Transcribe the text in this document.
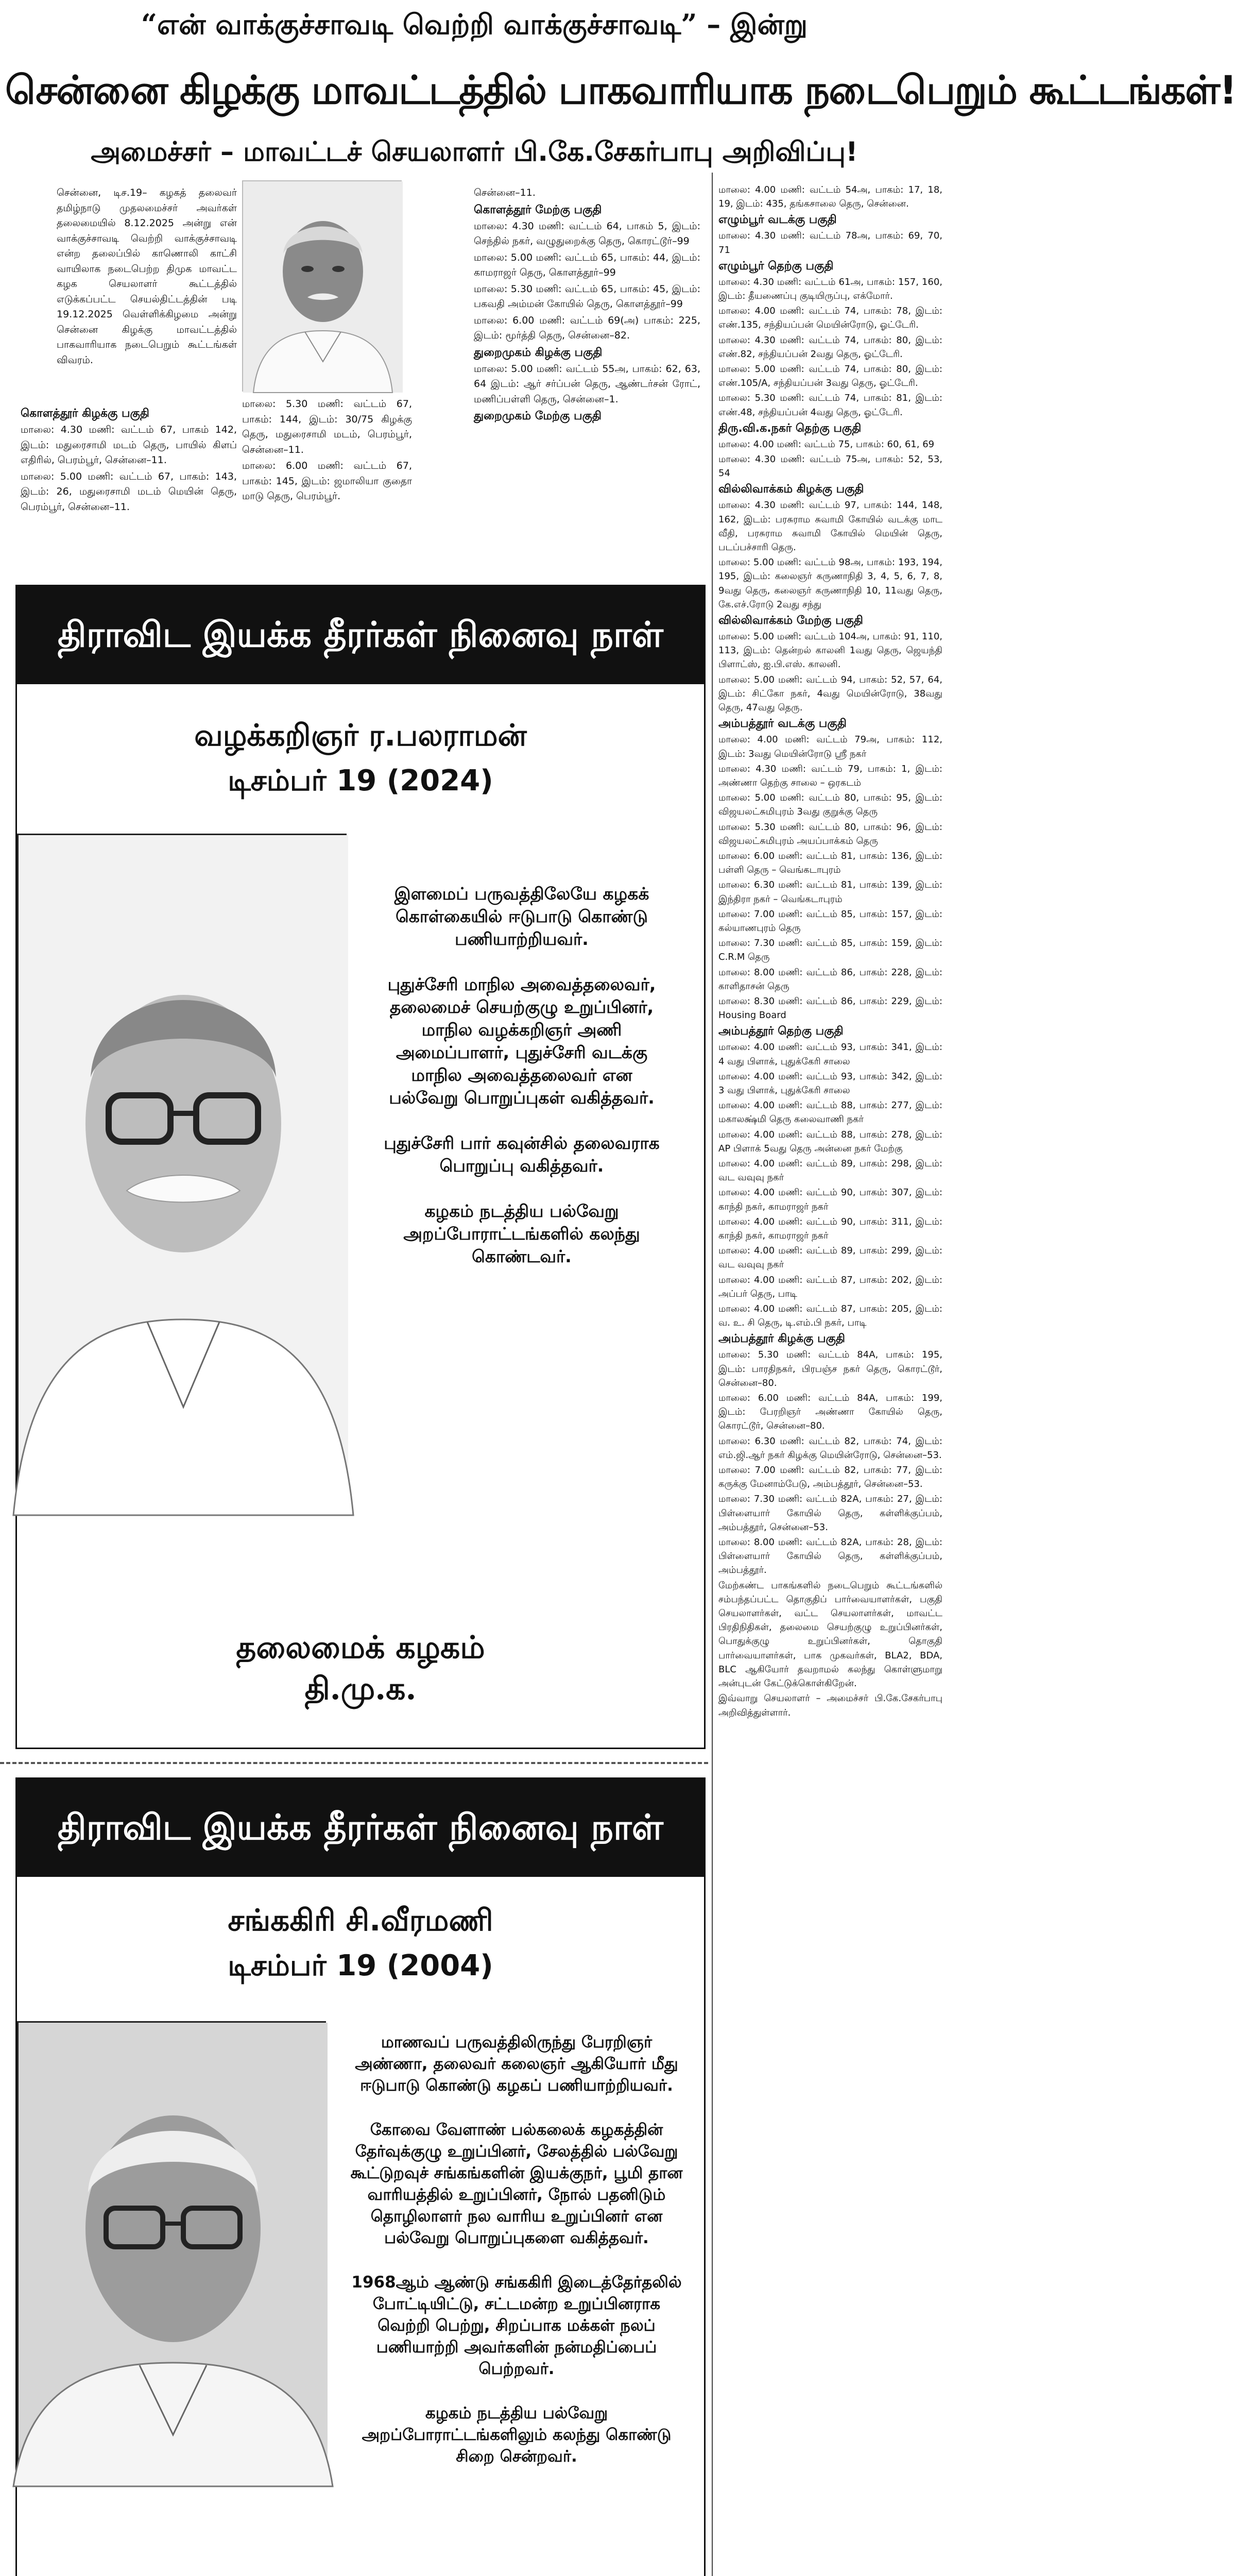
“என் வாக்குச்சாவடி வெற்றி வாக்குச்சாவடி” – இன்று
சென்னை கிழக்கு மாவட்டத்தில் பாகவாரியாக நடைபெறும் கூட்டங்கள்!
அமைச்சர் – மாவட்டச் செயலாளர் பி.கே.சேகர்பாபு அறிவிப்பு!

சென்னை, டிச.19– கழகத் தலைவர் தமிழ்நாடு முதலமைச்சர் அவர்கள் தலைமையில் 8.12.2025 அன்று என் வாக்குச்சாவடி வெற்றி வாக்குச்சாவடி என்ற தலைப்பில் காணொலி காட்சி வாயிலாக நடைபெற்ற திமுக மாவட்ட கழக செயலாளர் கூட்டத்தில் எடுக்கப்பட்ட செயல்திட்டத்தின் படி 19.12.2025 வெள்ளிக்கிழமை அன்று சென்னை கிழக்கு மாவட்டத்தில் பாகவாரியாக நடைபெறும் கூட்டங்கள் விவரம்.

கொளத்தூர் கிழக்கு பகுதி

மாலை: 4.30 மணி: வட்டம் 67, பாகம் 142, இடம்: மதுரைசாமி மடம் தெரு, பாயில் கிளப் எதிரில், பெரம்பூர், சென்னை–11.

மாலை: 5.00 மணி: வட்டம் 67, பாகம்: 143, இடம்: 26, மதுரைசாமி மடம் மெயின் தெரு, பெரம்பூர், சென்னை–11.

மாலை: 5.30 மணி: வட்டம் 67, பாகம்: 144, இடம்: 30/75 கிழக்கு தெரு, மதுரைசாமி மடம், பெரம்பூர், சென்னை–11.

மாலை: 6.00 மணி: வட்டம் 67, பாகம்: 145, இடம்: ஜமாலியா குதைா மாடு தெரு, பெரம்பூர்.

சென்னை–11.

கொளத்தூர் மேற்கு பகுதி

மாலை: 4.30 மணி: வட்டம் 64, பாகம் 5, இடம்: செந்தில் நகர், வழுதுறைக்கு தெரு, கொரட்டூர்–99

மாலை: 5.00 மணி: வட்டம் 65, பாகம்: 44, இடம்: காமராஜர் தெரு, கொளத்தூர்–99

மாலை: 5.30 மணி: வட்டம் 65, பாகம்: 45, இடம்: பகவதி அம்மன் கோயில் தெரு, கொளத்தூர்–99

மாலை: 6.00 மணி: வட்டம் 69(அ) பாகம்: 225, இடம்: மூர்த்தி தெரு, சென்னை–82.

துறைமுகம் கிழக்கு பகுதி

மாலை: 5.00 மணி: வட்டம் 55அ, பாகம்: 62, 63, 64 இடம்: ஆர் சர்ப்பன் தெரு, ஆண்டர்சன் ரோட், மணிப்பள்ளி தெரு, சென்னை–1.

துறைமுகம் மேற்கு பகுதி

மாலை: 4.00 மணி: வட்டம் 54அ, பாகம்: 17, 18, 19, இடம்: 435, தங்கசாலை தெரு, சென்னை.

எழும்பூர் வடக்கு பகுதி

மாலை: 4.30 மணி: வட்டம் 78அ, பாகம்: 69, 70, 71

எழும்பூர் தெற்கு பகுதி

மாலை: 4.30 மணி: வட்டம் 61அ, பாகம்: 157, 160, இடம்: தீயணைப்பு குடியிருப்பு, எக்மோர்.

மாலை: 4.00 மணி: வட்டம் 74, பாகம்: 78, இடம்: எண்.135, சந்தியப்பன் மெயின்ரோடு, ஓட்டேரி.

மாலை: 4.30 மணி: வட்டம் 74, பாகம்: 80, இடம்: எண்.82, சந்தியப்பன் 2வது தெரு, ஓட்டேரி.

மாலை: 5.00 மணி: வட்டம் 74, பாகம்: 80, இடம்: எண்.105/A, சந்தியப்பன் 3வது தெரு, ஓட்டேரி.

மாலை: 5.30 மணி: வட்டம் 74, பாகம்: 81, இடம்: எண்.48, சந்தியப்பன் 4வது தெரு, ஓட்டேரி.

திரு.வி.க.நகர் தெற்கு பகுதி

மாலை: 4.00 மணி: வட்டம் 75, பாகம்: 60, 61, 69

மாலை: 4.30 மணி: வட்டம் 75அ, பாகம்: 52, 53, 54

வில்லிவாக்கம் கிழக்கு பகுதி

மாலை: 4.30 மணி: வட்டம் 97, பாகம்: 144, 148, 162, இடம்: பரசுராம சுவாமி கோயில் வடக்கு மாட வீதி, பரசுராம சுவாமி கோயில் மெயின் தெரு, படப்பச்சாரி தெரு.

மாலை: 5.00 மணி: வட்டம் 98அ, பாகம்: 193, 194, 195, இடம்: கலைஞர் கருணாநிதி 3, 4, 5, 6, 7, 8, 9வது தெரு, கலைஞர் கருணாநிதி 10, 11வது தெரு, கே.எச்.ரோடு 2வது சந்து

வில்லிவாக்கம் மேற்கு பகுதி

மாலை: 5.00 மணி: வட்டம் 104அ, பாகம்: 91, 110, 113, இடம்: தென்றல் காலனி 1வது தெரு, ஜெயந்தி பிளாட்ஸ், ஐ.பி.எஸ். காலனி.

மாலை: 5.00 மணி: வட்டம் 94, பாகம்: 52, 57, 64, இடம்: சிட்கோ நகர், 4வது மெயின்ரோடு, 38வது தெரு, 47வது தெரு.

அம்பத்தூர் வடக்கு பகுதி

மாலை: 4.00 மணி: வட்டம் 79அ, பாகம்: 112, இடம்: 3வது மெயின்ரோடு ஸ்ரீ நகர்

மாலை: 4.30 மணி: வட்டம் 79, பாகம்: 1, இடம்: அண்ணா தெற்கு சாலை – ஒரகடம்

மாலை: 5.00 மணி: வட்டம் 80, பாகம்: 95, இடம்: விஜயலட்சுமிபுரம் 3வது குறுக்கு தெரு

மாலை: 5.30 மணி: வட்டம் 80, பாகம்: 96, இடம்: விஜயலட்சுமிபுரம் அயப்பாக்கம் தெரு

மாலை: 6.00 மணி: வட்டம் 81, பாகம்: 136, இடம்: பள்ளி தெரு – வெங்கடாபுரம்

மாலை: 6.30 மணி: வட்டம் 81, பாகம்: 139, இடம்: இந்திரா நகர் – வெங்கடாபுரம்

மாலை: 7.00 மணி: வட்டம் 85, பாகம்: 157, இடம்: கல்யாணபுரம் தெரு

மாலை: 7.30 மணி: வட்டம் 85, பாகம்: 159, இடம்: C.R.M தெரு

மாலை: 8.00 மணி: வட்டம் 86, பாகம்: 228, இடம்: காளிதாசன் தெரு

மாலை: 8.30 மணி: வட்டம் 86, பாகம்: 229, இடம்: Housing Board

அம்பத்தூர் தெற்கு பகுதி

மாலை: 4.00 மணி: வட்டம் 93, பாகம்: 341, இடம்: 4 வது பிளாக், புதுக்கேரி சாலை

மாலை: 4.00 மணி: வட்டம் 93, பாகம்: 342, இடம்: 3 வது பிளாக், புதுக்கேரி சாலை

மாலை: 4.00 மணி: வட்டம் 88, பாகம்: 277, இடம்: மகாலக்ஷ்மி தெரு கலைவாணி நகர்

மாலை: 4.00 மணி: வட்டம் 88, பாகம்: 278, இடம்: AP பிளாக் 5வது தெரு அன்னை நகர் மேற்கு

மாலை: 4.00 மணி: வட்டம் 89, பாகம்: 298, இடம்: வட வவுவு நகர்

மாலை: 4.00 மணி: வட்டம் 90, பாகம்: 307, இடம்: காந்தி நகர், காமராஜர் நகர்

மாலை: 4.00 மணி: வட்டம் 90, பாகம்: 311, இடம்: காந்தி நகர், காமராஜர் நகர்

மாலை: 4.00 மணி: வட்டம் 89, பாகம்: 299, இடம்: வட வவுவு நகர்

மாலை: 4.00 மணி: வட்டம் 87, பாகம்: 202, இடம்: அப்பர் தெரு, பாடி

மாலை: 4.00 மணி: வட்டம் 87, பாகம்: 205, இடம்: வ. உ. சி தெரு, டி.எம்.பி நகர், பாடி

அம்பத்தூர் கிழக்கு பகுதி

மாலை: 5.30 மணி: வட்டம் 84A, பாகம்: 195, இடம்: பாரதிநகர், பிரபஞ்ச நகர் தெரு, கொரட்டூர், சென்னை–80.

மாலை: 6.00 மணி: வட்டம் 84A, பாகம்: 199, இடம்: பேரறிஞர் அண்ணா கோயில் தெரு, கொரட்டூர், சென்னை–80.

மாலை: 6.30 மணி: வட்டம் 82, பாகம்: 74, இடம்: எம்.ஜி.ஆர் நகர் கிழக்கு மெயின்ரோடு, சென்னை–53.

மாலை: 7.00 மணி: வட்டம் 82, பாகம்: 77, இடம்: கருக்கு மேனாம்பேடு, அம்பத்தூர், சென்னை–53.

மாலை: 7.30 மணி: வட்டம் 82A, பாகம்: 27, இடம்: பிள்ளையார் கோயில் தெரு, கள்ளிக்குப்பம், அம்பத்தூர், சென்னை–53.

மாலை: 8.00 மணி: வட்டம் 82A, பாகம்: 28, இடம்: பிள்ளையார் கோயில் தெரு, கள்ளிக்குப்பம், அம்பத்தூர்.

மேற்கண்ட பாகங்களில் நடைபெறும் கூட்டங்களில் சம்பந்தப்பட்ட தொகுதிப் பார்வையாளர்கள், பகுதி செயலாளர்கள், வட்ட செயலாளர்கள், மாவட்ட பிரதிநிதிகள், தலைமை செயற்குழு உறுப்பினர்கள், பொதுக்குழு உறுப்பினர்கள், தொகுதி பார்வையாளர்கள், பாக முகவர்கள், BLA2, BDA, BLC ஆகியோர் தவறாமல் கலந்து கொள்ளுமாறு அன்புடன் கேட்டுக்கொள்கிறேன்.

இவ்வாறு செயலாளர் – அமைச்சர் பி.கே.சேகர்பாபு அறிவித்துள்ளார்.

திராவிட இயக்க தீரர்கள் நினைவு நாள்
வழக்கறிஞர் ர.பலராமன்
டிசம்பர் 19 (2024)

இளமைப் பருவத்திலேயே கழகக் கொள்கையில் ஈடுபாடு கொண்டு பணியாற்றியவர்.

புதுச்சேரி மாநில அவைத்தலைவர், தலைமைச் செயற்குழு உறுப்பினர், மாநில வழக்கறிஞர் அணி அமைப்பாளர், புதுச்சேரி வடக்கு மாநில அவைத்தலைவர் என பல்வேறு பொறுப்புகள் வகித்தவர்.

புதுச்சேரி பார் கவுன்சில் தலைவராக பொறுப்பு வகித்தவர்.

கழகம் நடத்திய பல்வேறு அறப்போராட்டங்களில் கலந்து கொண்டவர்.

தலைமைக் கழகம்
தி.மு.க.
திராவிட இயக்க தீரர்கள் நினைவு நாள்
சங்ககிரி சி.வீரமணி
டிசம்பர் 19 (2004)

மாணவப் பருவத்திலிருந்து பேரறிஞர் அண்ணா, தலைவர் கலைஞர் ஆகியோர் மீது ஈடுபாடு கொண்டு கழகப் பணியாற்றியவர்.

கோவை வேளாண் பல்கலைக் கழகத்தின் தேர்வுக்குழு உறுப்பினர், சேலத்தில் பல்வேறு கூட்டுறவுச் சங்கங்களின் இயக்குநர், பூமி தான வாரியத்தில் உறுப்பினர், நோல் பதனிடும் தொழிலாளர் நல வாரிய உறுப்பினர் என பல்வேறு பொறுப்புகளை வகித்தவர்.

1968ஆம் ஆண்டு சங்ககிரி இடைத்தேர்தலில் போட்டியிட்டு, சட்டமன்ற உறுப்பினராக வெற்றி பெற்று, சிறப்பாக மக்கள் நலப் பணியாற்றி அவர்களின் நன்மதிப்பைப் பெற்றவர்.

கழகம் நடத்திய பல்வேறு அறப்போராட்டங்களிலும் கலந்து கொண்டு சிறை சென்றவர்.
